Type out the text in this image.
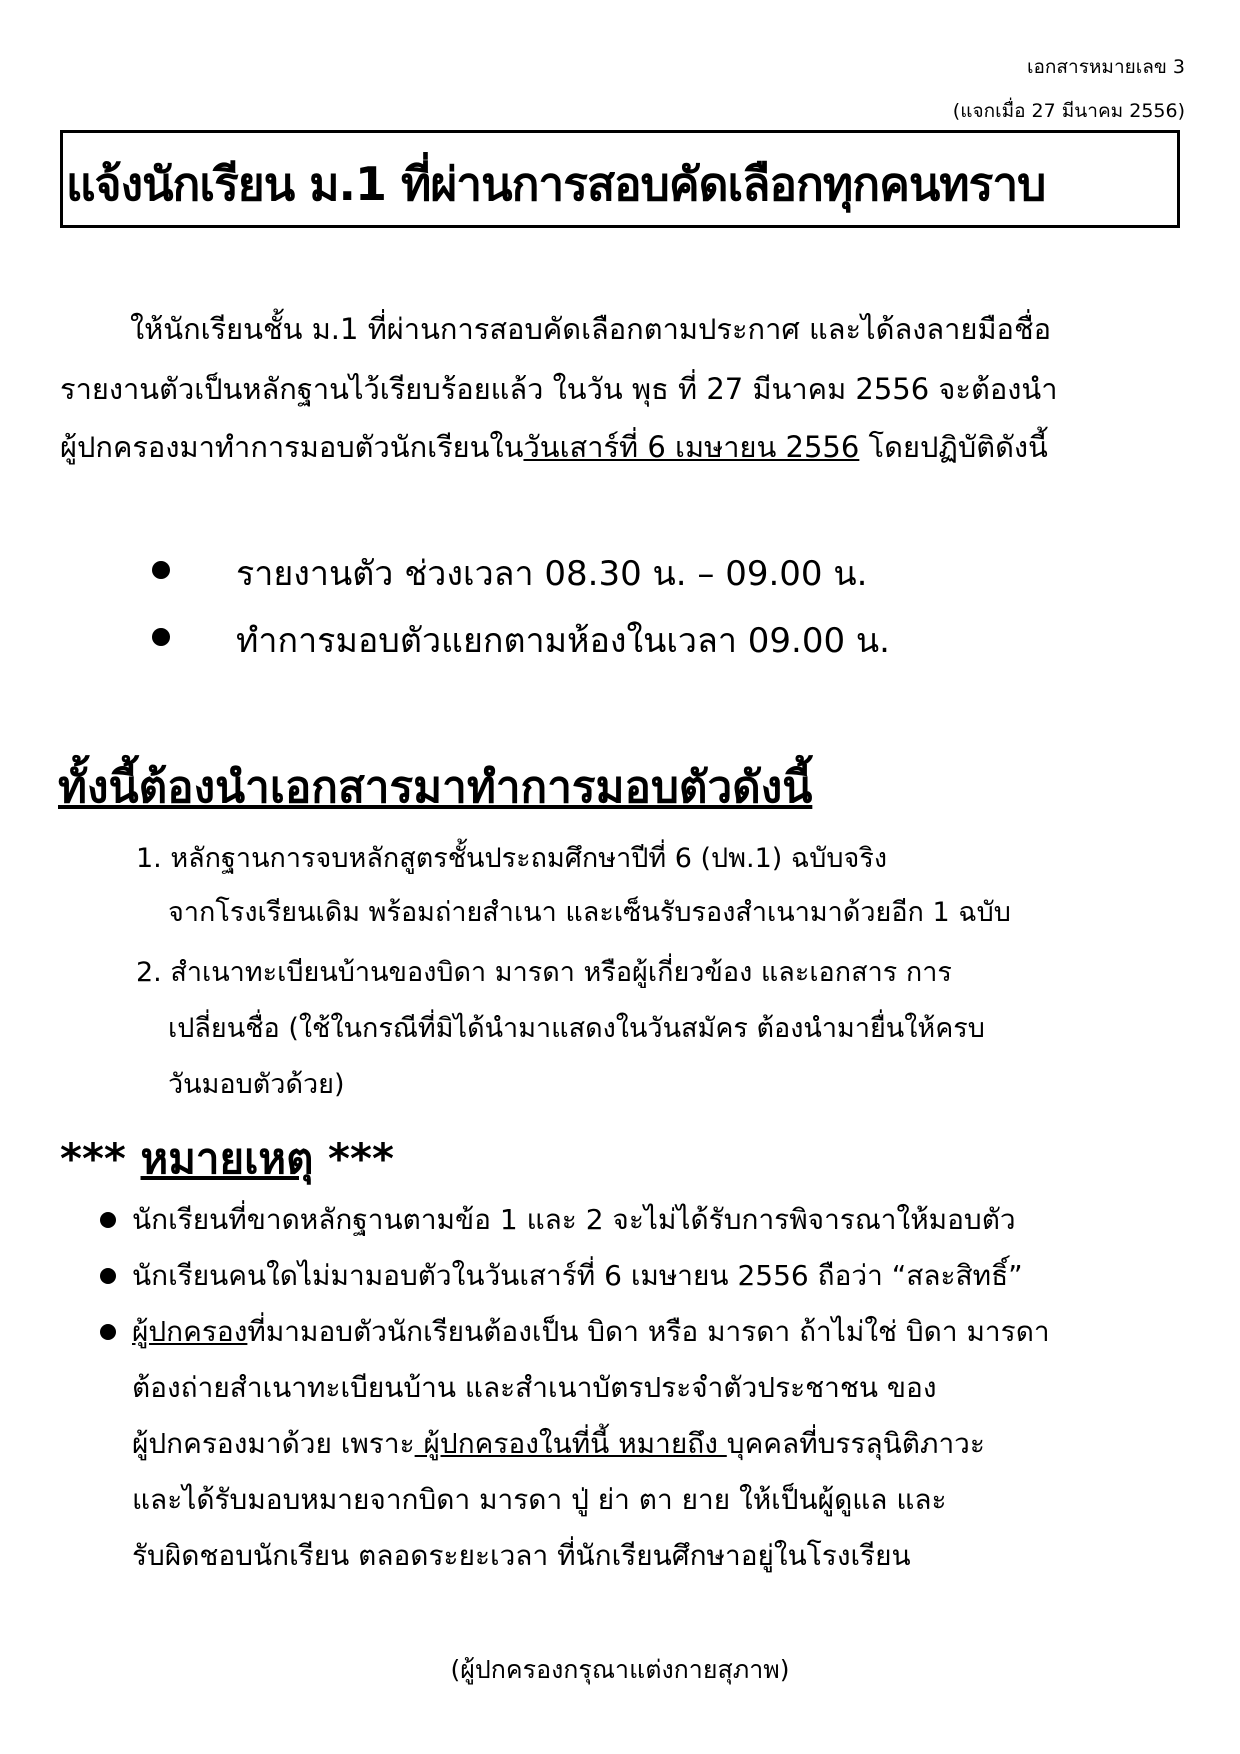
เอกสารหมายเลข 3
(แจกเมื่อ 27 มีนาคม 2556)
แจ้งนักเรียน ม.1 ที่ผ่านการสอบคัดเลือกทุกคนทราบ
ให้นักเรียนชั้น ม.1 ที่ผ่านการสอบคัดเลือกตามประกาศ และได้ลงลายมือชื่อ
รายงานตัวเป็นหลักฐานไว้เรียบร้อยแล้ว ในวัน พุธ ที่ 27 มีนาคม 2556 จะต้องนำ
ผู้ปกครองมาทำการมอบตัวนักเรียนในวันเสาร์ที่ 6 เมษายน 2556 โดยปฏิบัติดังนี้
รายงานตัว ช่วงเวลา 08.30 น. – 09.00 น.
ทำการมอบตัวแยกตามห้องในเวลา 09.00 น.
ทั้งนี้ต้องนำเอกสารมาทำการมอบตัวดังนี้
1. หลักฐานการจบหลักสูตรชั้นประถมศึกษาปีที่ 6 (ปพ.1) ฉบับจริง
จากโรงเรียนเดิม พร้อมถ่ายสำเนา และเซ็นรับรองสำเนามาด้วยอีก 1 ฉบับ
2. สำเนาทะเบียนบ้านของบิดา มารดา หรือผู้เกี่ยวข้อง และเอกสาร การ
เปลี่ยนชื่อ (ใช้ในกรณีที่มิได้นำมาแสดงในวันสมัคร ต้องนำมายื่นให้ครบ
วันมอบตัวด้วย)
*** หมายเหตุ ***
นักเรียนที่ขาดหลักฐานตามข้อ 1 และ 2 จะไม่ได้รับการพิจารณาให้มอบตัว
นักเรียนคนใดไม่มามอบตัวในวันเสาร์ที่ 6 เมษายน 2556 ถือว่า “สละสิทธิ์”
ผู้ปกครองที่มามอบตัวนักเรียนต้องเป็น บิดา หรือ มารดา ถ้าไม่ใช่ บิดา มารดา
ต้องถ่ายสำเนาทะเบียนบ้าน และสำเนาบัตรประจำตัวประชาชน ของ
ผู้ปกครองมาด้วย เพราะ ผู้ปกครองในที่นี้ หมายถึง บุคคลที่บรรลุนิติภาวะ
และได้รับมอบหมายจากบิดา มารดา ปู่ ย่า ตา ยาย ให้เป็นผู้ดูแล และ
รับผิดชอบนักเรียน ตลอดระยะเวลา ที่นักเรียนศึกษาอยู่ในโรงเรียน
(ผู้ปกครองกรุณาแต่งกายสุภาพ)
